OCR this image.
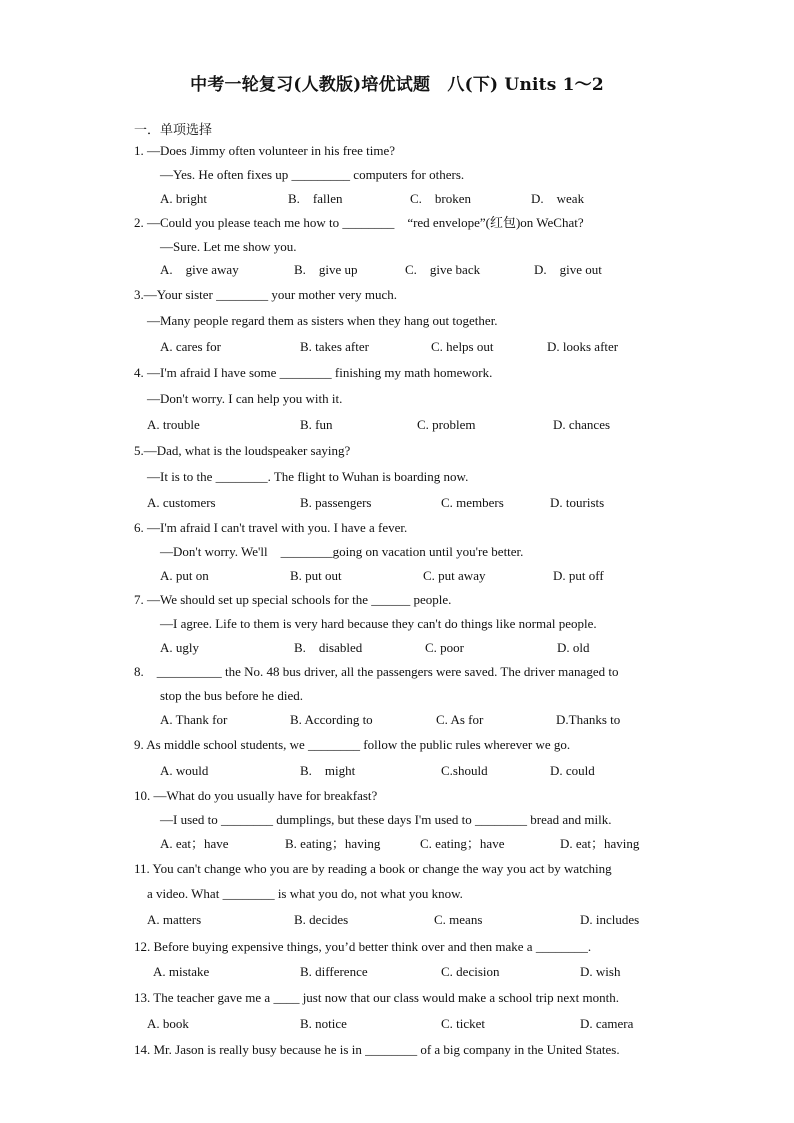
中考一轮复习(人教版)培优试题　八(下) Units 1～2
一．单项选择
1. —Does Jimmy often volunteer in his free time?
—Yes. He often fixes up _________ computers for others.
A. bright	B.　fallen	C.　broken	D.　weak
2. —Could you please teach me how to ________　“red envelope”(红包)on WeChat?
—Sure. Let me show you.
A.　give away	B.　give up	C.　give back	D.　give out
3.—Your sister ________ your mother very much.
—Many people regard them as sisters when they hang out together.
A. cares for	B. takes after	C. helps out	D. looks after
4. —I'm afraid I have some ________ finishing my math homework.
—Don't worry. I can help you with it.
A. trouble	B. fun	C. problem	D. chances
5.—Dad, what is the loudspeaker saying?
—It is to the ________. The flight to Wuhan is boarding now.
A. customers	B. passengers	C. members	D. tourists
6. —I'm afraid I can't travel with you. I have a fever.
—Don't worry. We'll　________going on vacation until you're better.
A. put on	B. put out	C. put away	D. put off
7. —We should set up special schools for the ______ people.
—I agree. Life to them is very hard because they can't do things like normal people.
A. ugly	B.　disabled	C. poor	D. old
8.　__________ the No. 48 bus driver, all the passengers were saved. The driver managed to
stop the bus before he died.
A. Thank for	B. According to	C. As for	D.Thanks to
9. As middle school students, we ________ follow the public rules wherever we go.
A. would	B.　might	C.should	D. could
10. —What do you usually have for breakfast?
—I used to ________ dumplings, but these days I'm used to ________ bread and milk.
A. eat；have	B. eating；having	C. eating；have	D. eat；having
11. You can't change who you are by reading a book or change the way you act by watching
a video. What ________ is what you do, not what you know.
A. matters	B. decides	C. means	D. includes
12. Before buying expensive things, you’d better think over and then make a ________.
A. mistake	B. difference	C. decision	D. wish
13. The teacher gave me a ____ just now that our class would make a school trip next month.
A. book	B. notice	C. ticket	D. camera
14. Mr. Jason is really busy because he is in ________ of a big company in the United States.
